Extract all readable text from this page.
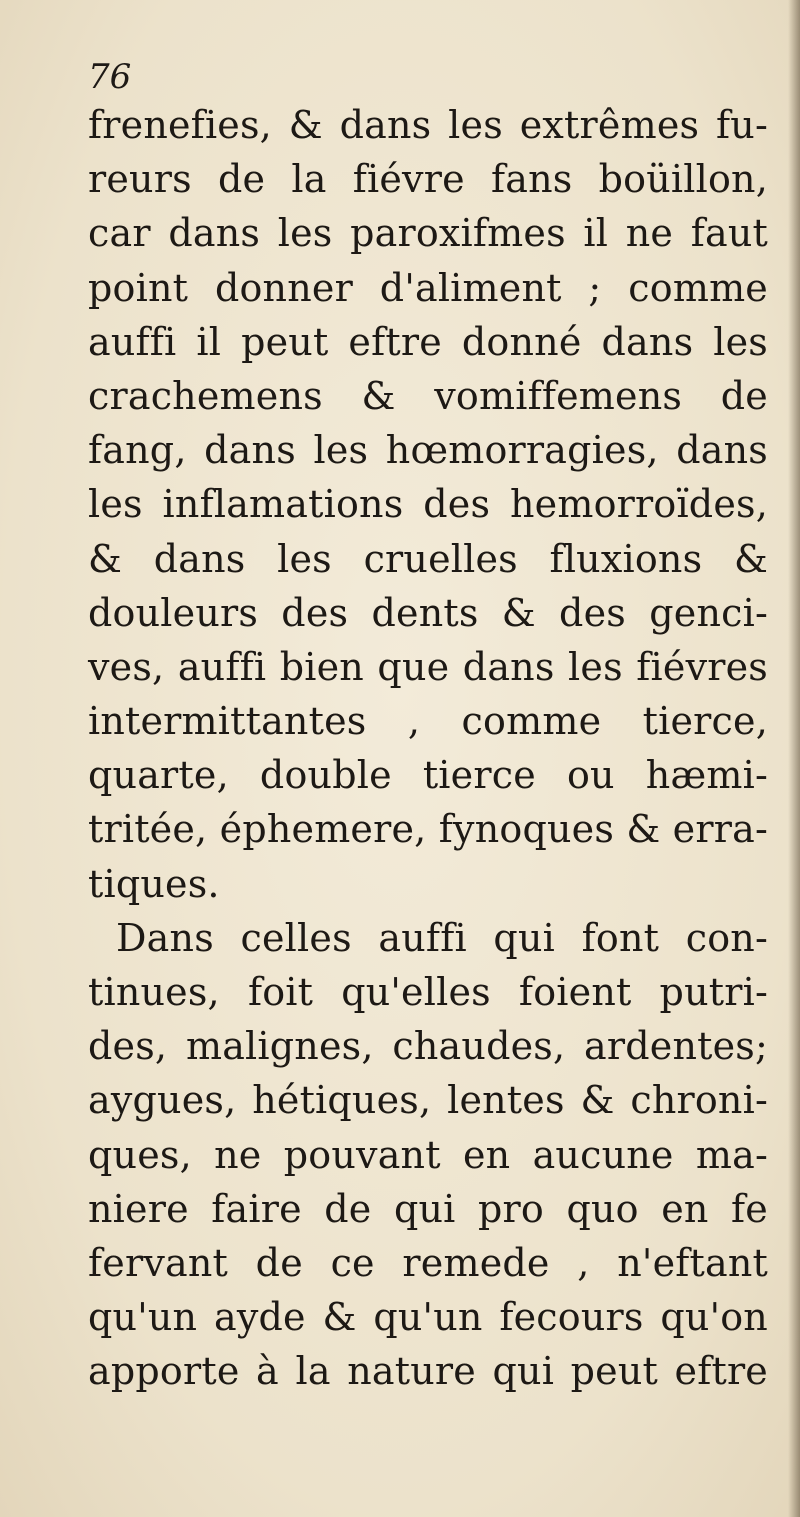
76
frenefies, & dans les extrêmes fu-
reurs de la fiévre fans boüillon,
car dans les paroxifmes il ne faut
point donner d'aliment ; comme
auffi il peut eftre donné dans les
crachemens & vomiffemens de
fang, dans les hœmorragies, dans
les inflamations des hemorroïdes,
& dans les cruelles fluxions &
douleurs des dents & des genci-
ves, auffi bien que dans les fiévres
intermittantes , comme tierce,
quarte, double tierce ou hæmi-
tritée, éphemere, fynoques & erra-
tiques.
Dans celles auffi qui font con-
tinues, foit qu'elles foient putri-
des, malignes, chaudes, ardentes;
aygues, hétiques, lentes & chroni-
ques, ne pouvant en aucune ma-
niere faire de qui pro quo en fe
fervant de ce remede , n'eftant
qu'un ayde & qu'un fecours qu'on
apporte à la nature qui peut eftre
